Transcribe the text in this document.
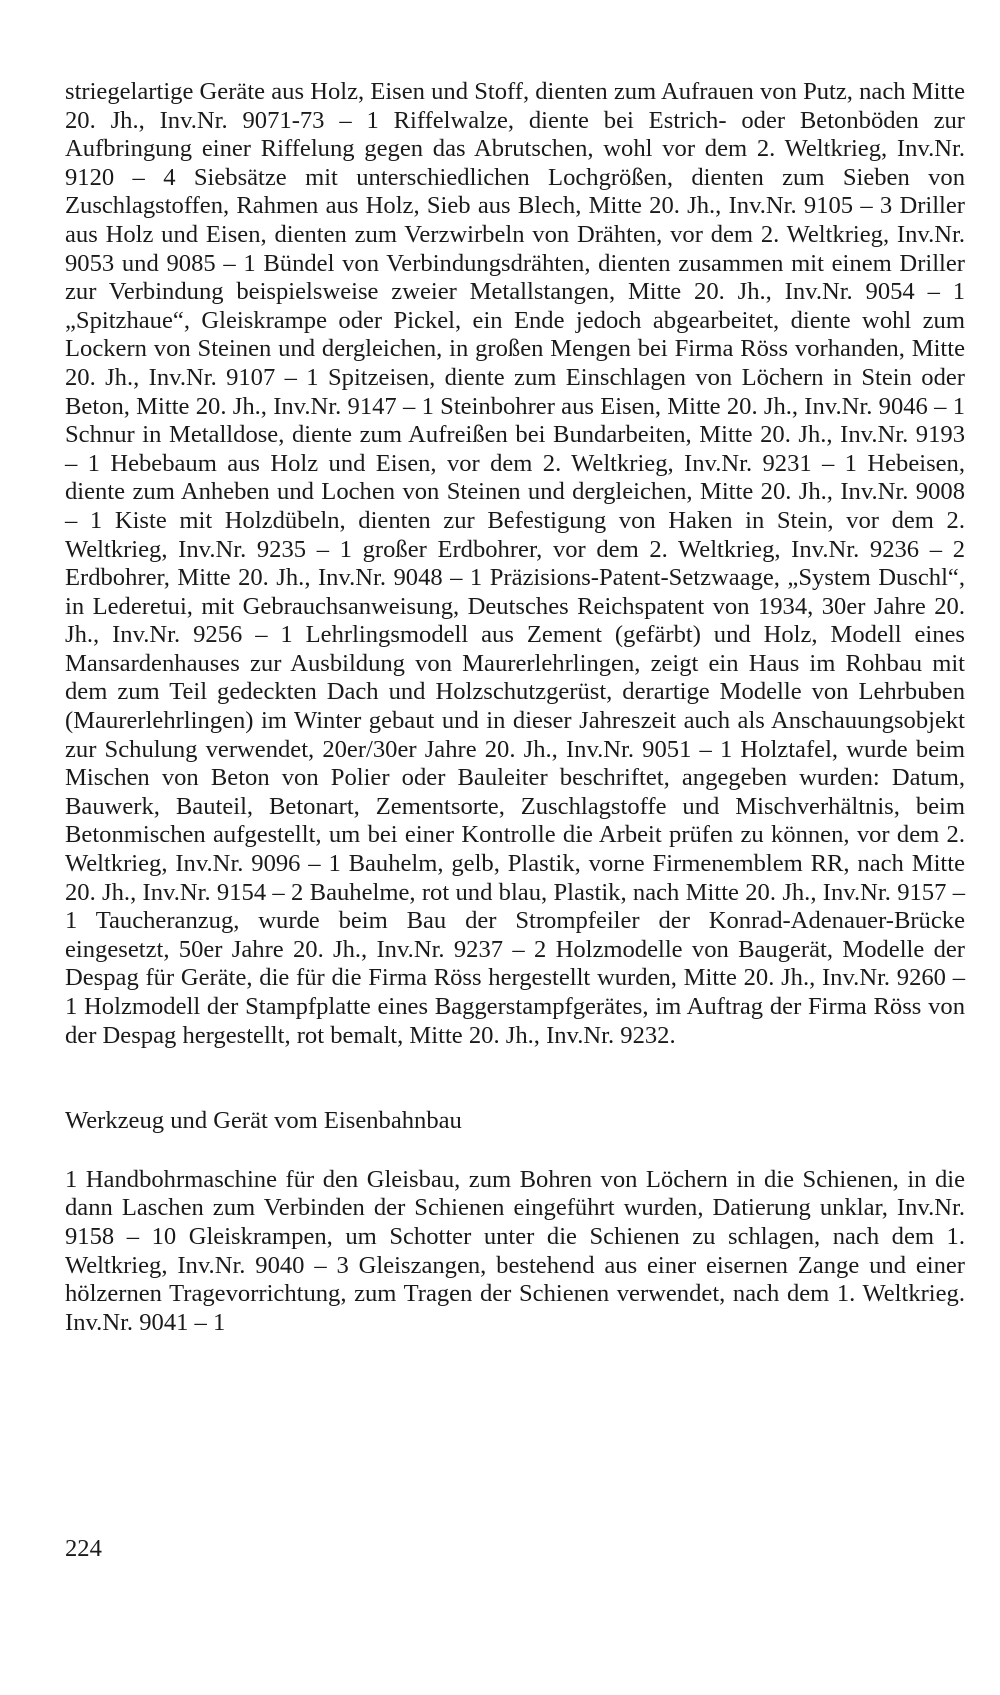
striegelartige Geräte aus Holz, Eisen und Stoff, dienten zum Aufrauen von Putz, nach Mitte 20. Jh., Inv.Nr. 9071-73 – 1 Riffelwalze, diente bei Estrich- oder Betonböden zur Aufbringung einer Riffelung gegen das Abrutschen, wohl vor dem 2. Weltkrieg, Inv.Nr. 9120 – 4 Siebsätze mit unterschiedlichen Lochgrößen, dienten zum Sieben von Zuschlagstoffen, Rahmen aus Holz, Sieb aus Blech, Mitte 20. Jh., Inv.Nr. 9105 – 3 Driller aus Holz und Eisen, dienten zum Verzwirbeln von Drähten, vor dem 2. Weltkrieg, Inv.Nr. 9053 und 9085 – 1 Bündel von Verbindungsdrähten, dienten zusammen mit einem Driller zur Verbindung beispielsweise zweier Metallstangen, Mitte 20. Jh., Inv.Nr. 9054 – 1 „Spitzhaue“, Gleiskrampe oder Pickel, ein Ende jedoch abgearbeitet, diente wohl zum Lockern von Steinen und dergleichen, in großen Mengen bei Firma Röss vorhanden, Mitte 20. Jh., Inv.Nr. 9107 – 1 Spitzeisen, diente zum Einschlagen von Löchern in Stein oder Beton, Mitte 20. Jh., Inv.Nr. 9147 – 1 Steinbohrer aus Eisen, Mitte 20. Jh., Inv.Nr. 9046 – 1 Schnur in Metalldose, diente zum Aufreißen bei Bundarbeiten, Mitte 20. Jh., Inv.Nr. 9193 – 1 Hebebaum aus Holz und Eisen, vor dem 2. Weltkrieg, Inv.Nr. 9231 – 1 Hebeisen, diente zum Anheben und Lochen von Steinen und dergleichen, Mitte 20. Jh., Inv.Nr. 9008 – 1 Kiste mit Holzdübeln, dienten zur Befestigung von Haken in Stein, vor dem 2. Weltkrieg, Inv.Nr. 9235 – 1 großer Erdbohrer, vor dem 2. Weltkrieg, Inv.Nr. 9236 – 2 Erdbohrer, Mitte 20. Jh., Inv.Nr. 9048 – 1 Präzisions-Patent-Setzwaage, „System Duschl“, in Lederetui, mit Gebrauchsanweisung, Deutsches Reichspatent von 1934, 30er Jahre 20. Jh., Inv.Nr. 9256 – 1 Lehrlingsmodell aus Zement (gefärbt) und Holz, Modell eines Mansardenhauses zur Ausbildung von Maurerlehrlingen, zeigt ein Haus im Rohbau mit dem zum Teil gedeckten Dach und Holzschutzgerüst, derartige Modelle von Lehrbuben (Maurerlehrlingen) im Winter gebaut und in dieser Jahreszeit auch als Anschauungsobjekt zur Schulung verwendet, 20er/30er Jahre 20. Jh., Inv.Nr. 9051 – 1 Holztafel, wurde beim Mischen von Beton von Polier oder Bauleiter beschriftet, angegeben wurden: Datum, Bauwerk, Bauteil, Betonart, Zementsorte, Zuschlagstoffe und Mischverhältnis, beim Betonmischen aufgestellt, um bei einer Kontrolle die Arbeit prüfen zu können, vor dem 2. Weltkrieg, Inv.Nr. 9096 – 1 Bauhelm, gelb, Plastik, vorne Firmenemblem RR, nach Mitte 20. Jh., Inv.Nr. 9154 – 2 Bauhelme, rot und blau, Plastik, nach Mitte 20. Jh., Inv.Nr. 9157 – 1 Taucheranzug, wurde beim Bau der Strompfeiler der Konrad-Adenauer-Brücke eingesetzt, 50er Jahre 20. Jh., Inv.Nr. 9237 – 2 Holzmodelle von Baugerät, Modelle der Despag für Geräte, die für die Firma Röss hergestellt wurden, Mitte 20. Jh., Inv.Nr. 9260 – 1 Holzmodell der Stampfplatte eines Baggerstampfgerätes, im Auftrag der Firma Röss von der Despag hergestellt, rot bemalt, Mitte 20. Jh., Inv.Nr. 9232.

Werkzeug und Gerät vom Eisenbahnbau

1 Handbohrmaschine für den Gleisbau, zum Bohren von Löchern in die Schienen, in die dann Laschen zum Verbinden der Schienen eingeführt wurden, Datierung unklar, Inv.Nr. 9158 – 10 Gleiskrampen, um Schotter unter die Schienen zu schlagen, nach dem 1. Weltkrieg, Inv.Nr. 9040 – 3 Gleiszangen, bestehend aus einer eisernen Zange und einer hölzernen Tragevorrichtung, zum Tragen der Schienen verwendet, nach dem 1. Weltkrieg. Inv.Nr. 9041 – 1

224
